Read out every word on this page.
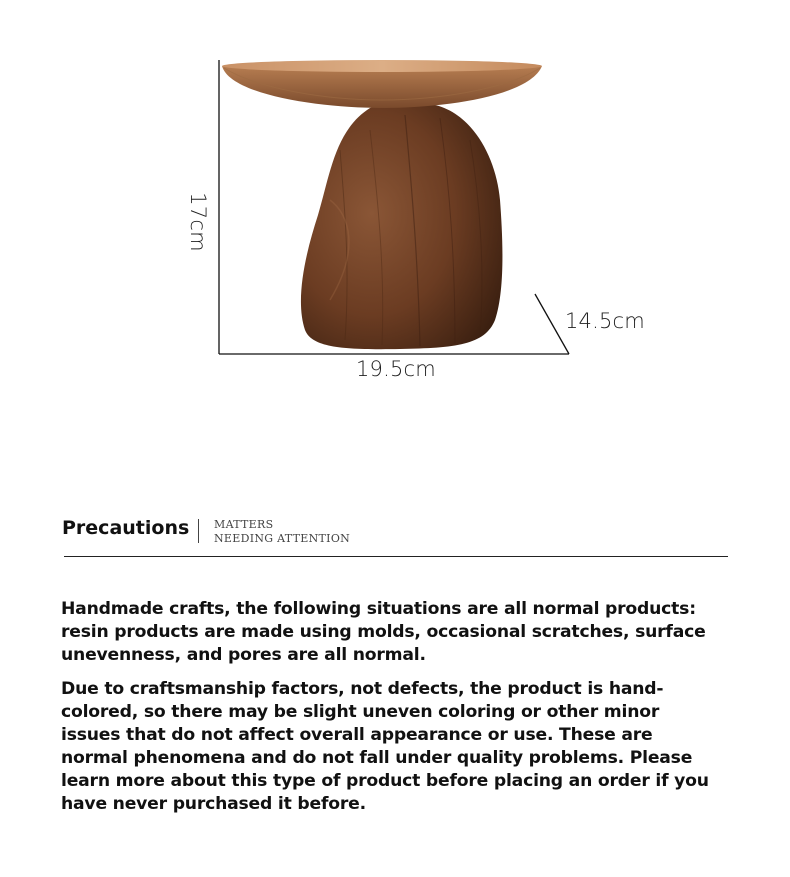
17cm
19.5cm
14.5cm
Precautions MATTERS
NEEDING ATTENTION

Handmade crafts, the following situations are all normal products: resin products are made using molds, occasional scratches, surface unevenness, and pores are all normal.

Due to craftsmanship factors, not defects, the product is hand-colored, so there may be slight uneven coloring or other minor issues that do not affect overall appearance or use. These are normal phenomena and do not fall under quality problems. Please learn more about this type of product before placing an order if you have never purchased it before.
